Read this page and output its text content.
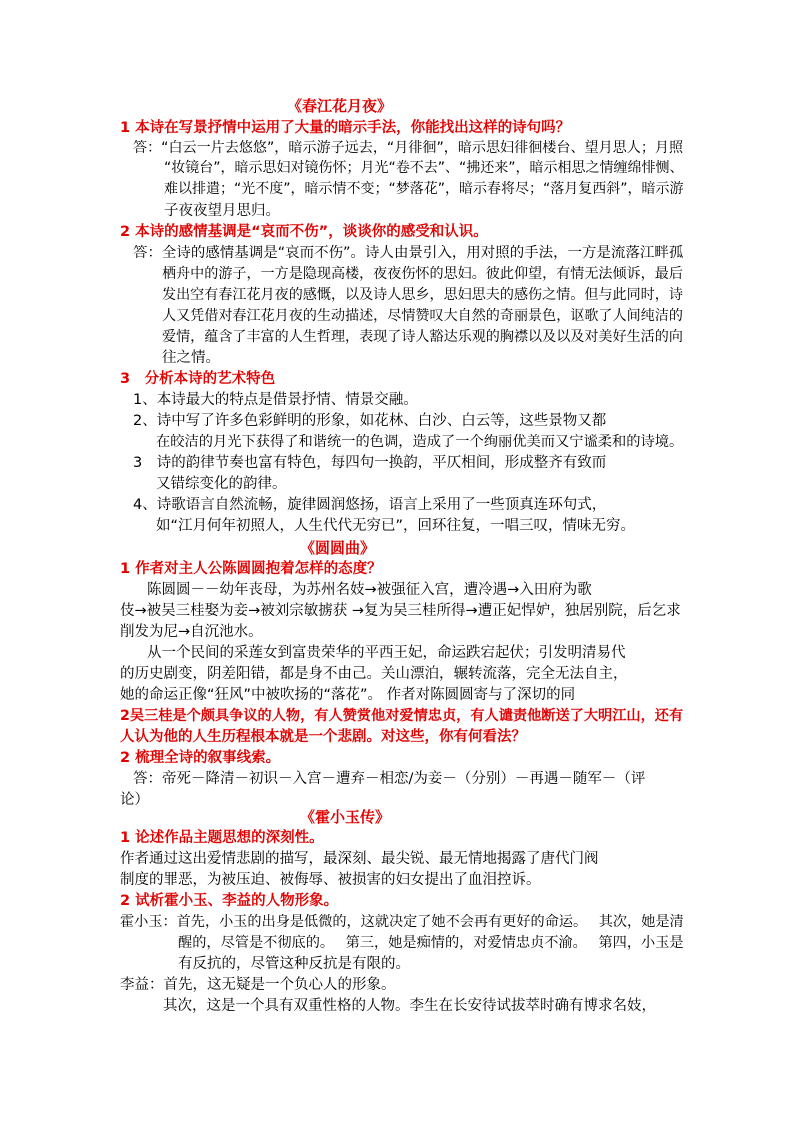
《春江花月夜》
1 本诗在写景抒情中运用了大量的暗示手法，你能找出这样的诗句吗？
答：“白云一片去悠悠”，暗示游子远去，“月徘徊”，暗示思妇徘徊楼台、望月思人；月照
“妆镜台”，暗示思妇对镜伤怀；月光“卷不去”、“拂还来”，暗示相思之情缠绵悱恻、
难以排遣；“光不度”，暗示情不变；“梦落花”，暗示春将尽；“落月复西斜”，暗示游
子夜夜望月思归。
2 本诗的感情基调是“哀而不伤”，谈谈你的感受和认识。
答：全诗的感情基调是“哀而不伤”。诗人由景引入，用对照的手法，一方是流落江畔孤
栖舟中的游子，一方是隐现高楼，夜夜伤怀的思妇。彼此仰望，有情无法倾诉，最后
发出空有春江花月夜的感慨，以及诗人思乡，思妇思夫的感伤之情。但与此同时，诗
人又凭借对春江花月夜的生动描述，尽情赞叹大自然的奇丽景色，讴歌了人间纯洁的
爱情，蕴含了丰富的人生哲理，表现了诗人豁达乐观的胸襟以及以及对美好生活的向
往之情。
3　分析本诗的艺术特色
1、本诗最大的特点是借景抒情、情景交融。
2、诗中写了许多色彩鲜明的形象，如花林、白沙、白云等，这些景物又都
在皎洁的月光下获得了和谐统一的色调，造成了一个绚丽优美而又宁谧柔和的诗境。
3　诗的韵律节奏也富有特色，每四句一换韵，平仄相间，形成整齐有致而
又错综变化的韵律。
4、诗歌语言自然流畅，旋律圆润悠扬，语言上采用了一些顶真连环句式，
如“江月何年初照人，人生代代无穷已”，回环往复，一唱三叹，情味无穷。
《圆圆曲》
1 作者对主人公陈圆圆抱着怎样的态度？
陈圆圆－－幼年丧母，为苏州名妓→被强征入宫，遭冷遇→入田府为歌
伎→被吴三桂娶为妾→被刘宗敏掳获 →复为吴三桂所得→遭正妃悍妒，独居别院，后乞求
削发为尼→自沉池水。
从一个民间的采莲女到富贵荣华的平西王妃，命运跌宕起伏；引发明清易代
的历史剧变，阴差阳错，都是身不由己。关山漂泊，辗转流落，完全无法自主，
她的命运正像“狂风”中被吹扬的“落花”。 作者对陈圆圆寄与了深切的同
2吴三桂是个颇具争议的人物，有人赞赏他对爱情忠贞，有人谴责他断送了大明江山，还有
人认为他的人生历程根本就是一个悲剧。对这些，你有何看法？
2 梳理全诗的叙事线索。
答：帝死－降清－初识－入宫－遭弃－相恋/为妾－（分别）－再遇－随军－（评
论）
《霍小玉传》
1 论述作品主题思想的深刻性。
作者通过这出爱情悲剧的描写，最深刻、最尖锐、最无情地揭露了唐代门阀
制度的罪恶，为被压迫、被侮辱、被损害的妇女提出了血泪控诉。
2 试析霍小玉、李益的人物形象。
霍小玉：首先，小玉的出身是低微的，这就决定了她不会再有更好的命运。　 其次，她是清
醒的，尽管是不彻底的。　 第三，她是痴情的，对爱情忠贞不渝。　 第四，小玉是
有反抗的，尽管这种反抗是有限的。
李益：首先，这无疑是一个负心人的形象。
其次，这是一个具有双重性格的人物。李生在长安待试拔萃时确有博求名妓，
